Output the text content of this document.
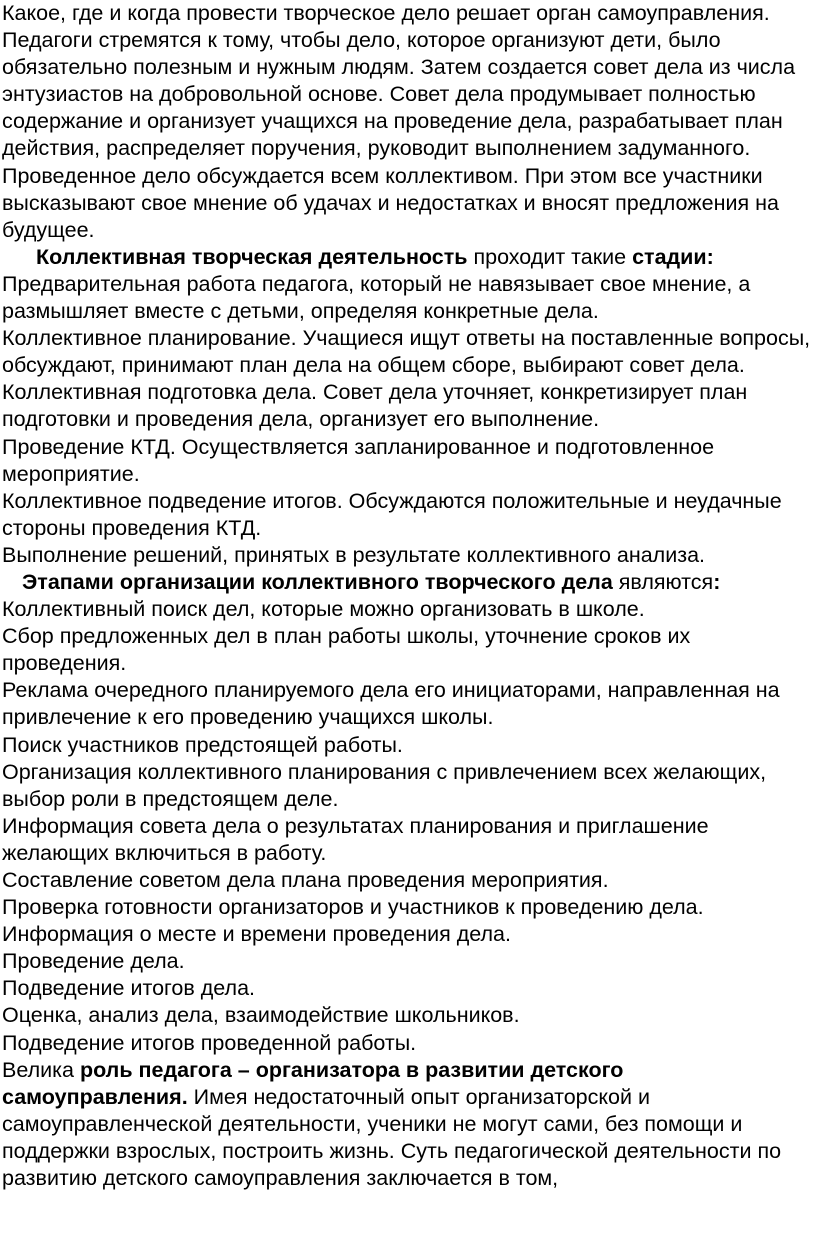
Какое, где и когда провести творческое дело решает орган самоуправления. Педагоги стремятся к тому, чтобы дело, которое организуют дети, было обязательно полезным и нужным людям. Затем создается совет дела из числа энтузиастов на добровольной основе. Совет дела продумывает полностью содержание и организует учащихся на проведение дела, разрабатывает план действия, распределяет поручения, руководит выполнением задуманного. Проведенное дело обсуждается всем коллективом. При этом все участники высказывают свое мнение об удачах и недостатках и вносят предложения на будущее.

Коллективная творческая деятельность проходит такие стадии:

Предварительная работа педагога, который не навязывает свое мнение, а размышляет вместе с детьми, определяя конкретные дела.

Коллективное планирование. Учащиеся ищут ответы на поставленные вопросы, обсуждают, принимают план дела на общем сборе, выбирают совет дела.

Коллективная подготовка дела. Совет дела уточняет, конкретизирует план подготовки и проведения дела, организует его выполнение.

Проведение КТД. Осуществляется запланированное и подготовленное мероприятие.

Коллективное подведение итогов. Обсуждаются положительные и неудачные стороны проведения КТД.

Выполнение решений, принятых в результате коллективного анализа.

Этапами организации коллективного творческого дела являются:

Коллективный поиск дел, которые можно организовать в школе.

Сбор предложенных дел в план работы школы, уточнение сроков их проведения.

Реклама очередного планируемого дела его инициаторами, направленная на привлечение к его проведению учащихся школы.

Поиск участников предстоящей работы.

Организация коллективного планирования с привлечением всех желающих, выбор роли в предстоящем деле.

Информация совета дела о результатах планирования и приглашение желающих включиться в работу.

Составление советом дела плана проведения мероприятия.

Проверка готовности организаторов и участников к проведению дела.

Информация о месте и времени проведения дела.

Проведение дела.

Подведение итогов дела.

Оценка, анализ дела, взаимодействие школьников.

Подведение итогов проведенной работы.

Велика роль педагога – организатора в развитии детского самоуправления. Имея недостаточный опыт организаторской и самоуправленческой деятельности, ученики не могут сами, без помощи и поддержки взрослых, построить жизнь. Суть педагогической деятельности по развитию детского самоуправления заключается в том,
